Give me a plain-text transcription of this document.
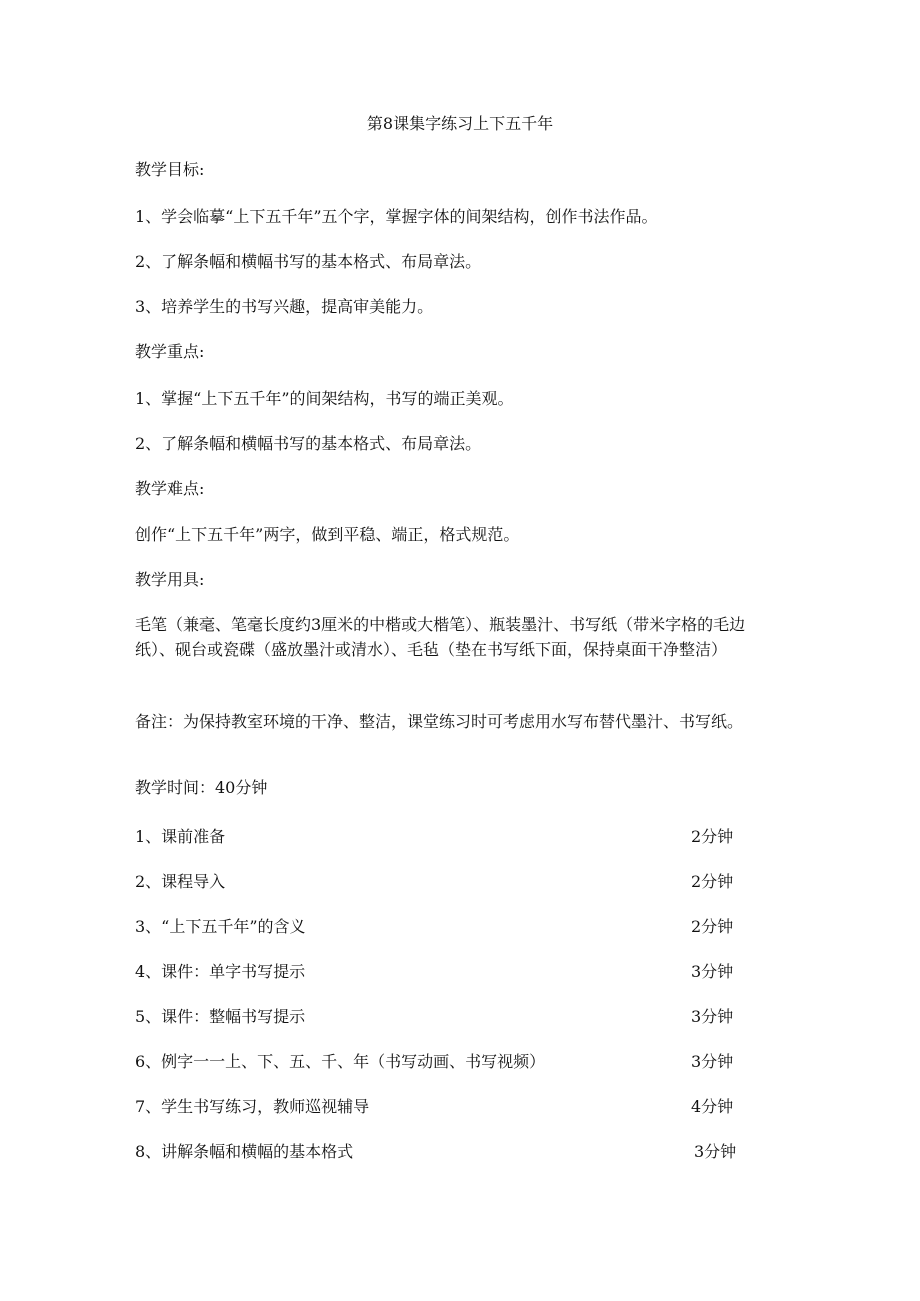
第8课集字练习上下五千年
教学目标:
1、学会临摹“上下五千年”五个字，掌握字体的间架结构，创作书法作品。
2、了解条幅和横幅书写的基本格式、布局章法。
3、培养学生的书写兴趣，提高审美能力。
教学重点:
1、掌握“上下五千年”的间架结构，书写的端正美观。
2、了解条幅和横幅书写的基本格式、布局章法。
教学难点:
创作“上下五千年”两字，做到平稳、端正，格式规范。
教学用具:
毛笔（兼毫、笔毫长度约3厘米的中楷或大楷笔）、瓶装墨汁、书写纸（带米字格的毛边纸）、砚台或瓷碟（盛放墨汁或清水）、毛毡（垫在书写纸下面，保持桌面干净整洁）
备注：为保持教室环境的干净、整洁，课堂练习时可考虑用水写布替代墨汁、书写纸。
教学时间：40分钟
1、课前准备	2分钟
2、课程导入	2分钟
3、“上下五千年”的含义	2分钟
4、课件：单字书写提示	3分钟
5、课件：整幅书写提示	3分钟
6、例字一一上、下、五、千、年（书写动画、书写视频）	3分钟
7、学生书写练习，教师巡视辅导	4分钟
8、讲解条幅和横幅的基本格式	3分钟
